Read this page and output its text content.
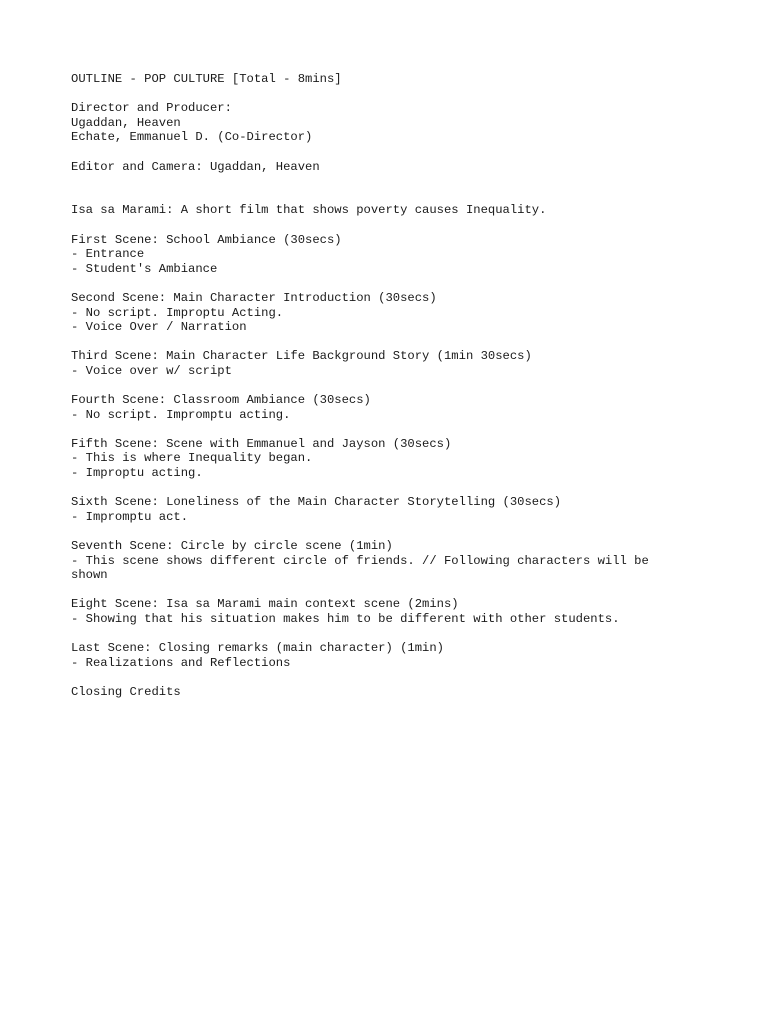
OUTLINE - POP CULTURE [Total - 8mins]
Director and Producer:
Ugaddan, Heaven
Echate, Emmanuel D. (Co-Director)
Editor and Camera: Ugaddan, Heaven
Isa sa Marami: A short film that shows poverty causes Inequality.
First Scene: School Ambiance (30secs)
- Entrance
- Student's Ambiance
Second Scene: Main Character Introduction (30secs)
- No script. Improptu Acting.
- Voice Over / Narration
Third Scene: Main Character Life Background Story (1min 30secs)
- Voice over w/ script
Fourth Scene: Classroom Ambiance (30secs)
- No script. Impromptu acting.
Fifth Scene: Scene with Emmanuel and Jayson (30secs)
- This is where Inequality began.
- Improptu acting.
Sixth Scene: Loneliness of the Main Character Storytelling (30secs)
- Impromptu act.
Seventh Scene: Circle by circle scene (1min)
- This scene shows different circle of friends. // Following characters will be
shown
Eight Scene: Isa sa Marami main context scene (2mins)
- Showing that his situation makes him to be different with other students.
Last Scene: Closing remarks (main character) (1min)
- Realizations and Reflections
Closing Credits
